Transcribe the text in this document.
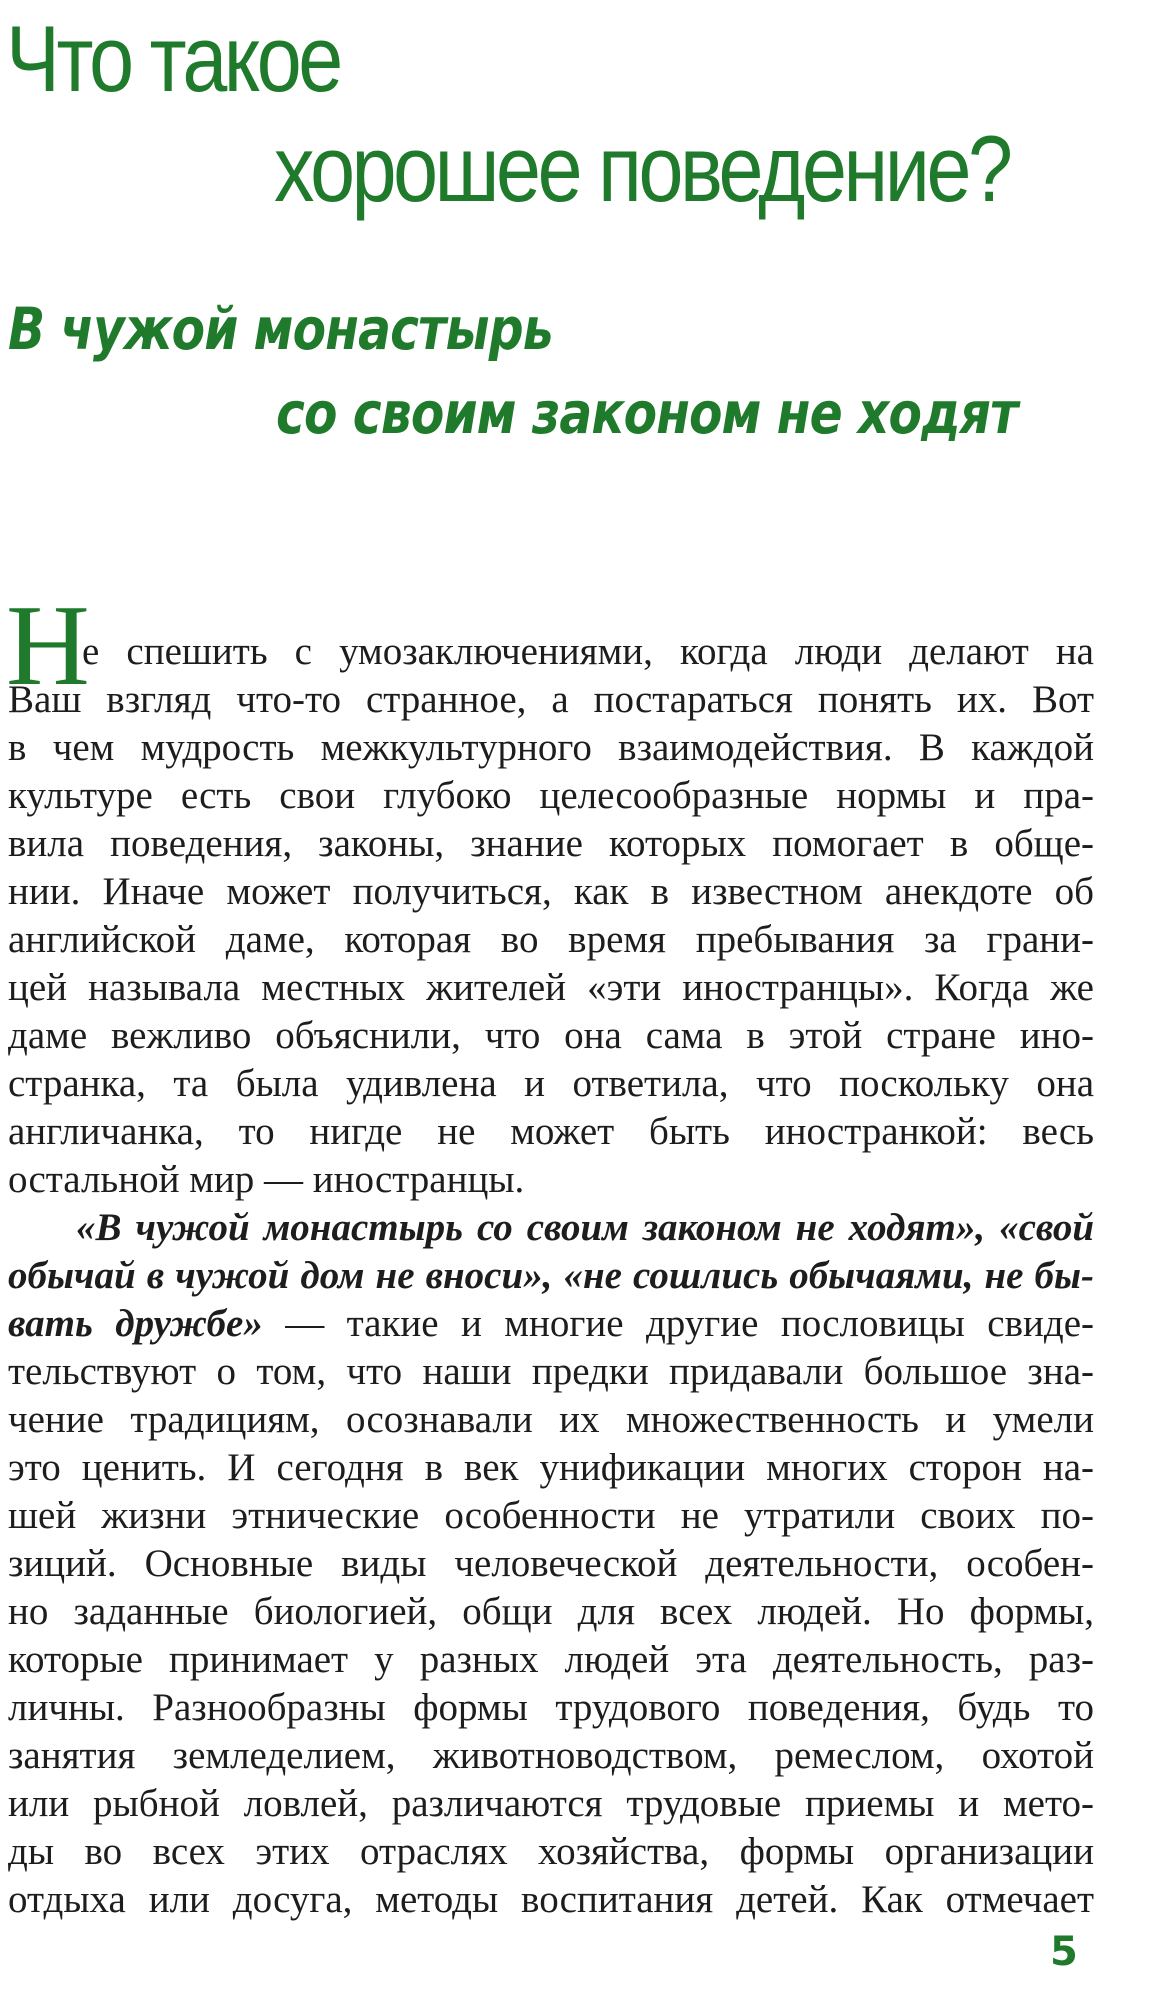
Что такое
хорошее поведение?
В чужой монастырь
со своим законом не ходят
Н

е спешить с умозаключениями, когда люди делают на

Ваш взгляд что-то странное, а постараться понять их. Вот

в чем мудрость межкультурного взаимодействия. В каждой

культуре есть свои глубоко целесообразные нормы и пра-

вила поведения, законы, знание которых помогает в обще-

нии. Иначе может получиться, как в известном анекдоте об

английской даме, которая во время пребывания за грани-

цей называла местных жителей «эти иностранцы». Когда же

даме вежливо объяснили, что она сама в этой стране ино-

странка, та была удивлена и ответила, что поскольку она

англичанка, то нигде не может быть иностранкой: весь

остальной мир — иностранцы.

«В чужой монастырь со своим законом не ходят», «свой

обычай в чужой дом не вноси», «не сошлись обычаями, не бы-

вать дружбе» — такие и многие другие пословицы свиде-

тельствуют о том, что наши предки придавали большое зна-

чение традициям, осознавали их множественность и умели

это ценить. И сегодня в век унификации многих сторон на-

шей жизни этнические особенности не утратили своих по-

зиций. Основные виды человеческой деятельности, особен-

но заданные биологией, общи для всех людей. Но формы,

которые принимает у разных людей эта деятельность, раз-

личны. Разнообразны формы трудового поведения, будь то

занятия земледелием, животноводством, ремеслом, охотой

или рыбной ловлей, различаются трудовые приемы и мето-

ды во всех этих отраслях хозяйства, формы организации

отдыха или досуга, методы воспитания детей. Как отмечает

5
